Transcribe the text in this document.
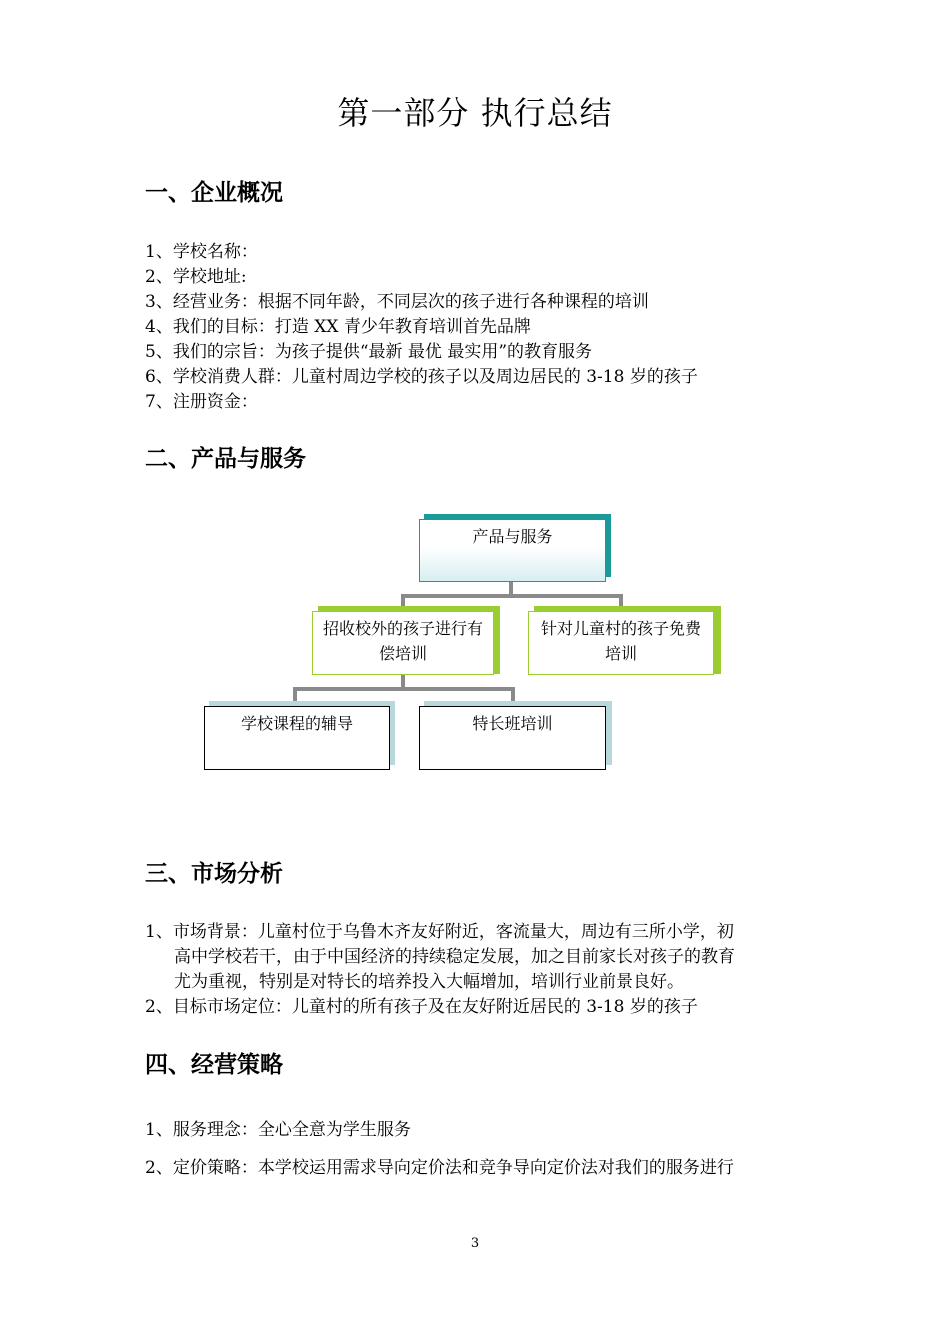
第一部分 执行总结
一、企业概况
1、学校名称：
2、学校地址:
3、经营业务：根据不同年龄，不同层次的孩子进行各种课程的培训
4、我们的目标：打造 XX 青少年教育培训首先品牌
5、我们的宗旨：为孩子提供“最新 最优 最实用”的教育服务
6、学校消费人群：儿童村周边学校的孩子以及周边居民的 3-18 岁的孩子
7、注册资金：
二、产品与服务
产品与服务
招收校外的孩子进行有
偿培训
针对儿童村的孩子免费
培训
学校课程的辅导	特长班培训
三、市场分析
1、市场背景：儿童村位于乌鲁木齐友好附近，客流量大，周边有三所小学，初
高中学校若干，由于中国经济的持续稳定发展，加之目前家长对孩子的教育
尤为重视，特别是对特长的培养投入大幅增加，培训行业前景良好。
2、目标市场定位：儿童村的所有孩子及在友好附近居民的 3-18 岁的孩子
四、经营策略
1、服务理念：全心全意为学生服务
2、定价策略：本学校运用需求导向定价法和竞争导向定价法对我们的服务进行
3
